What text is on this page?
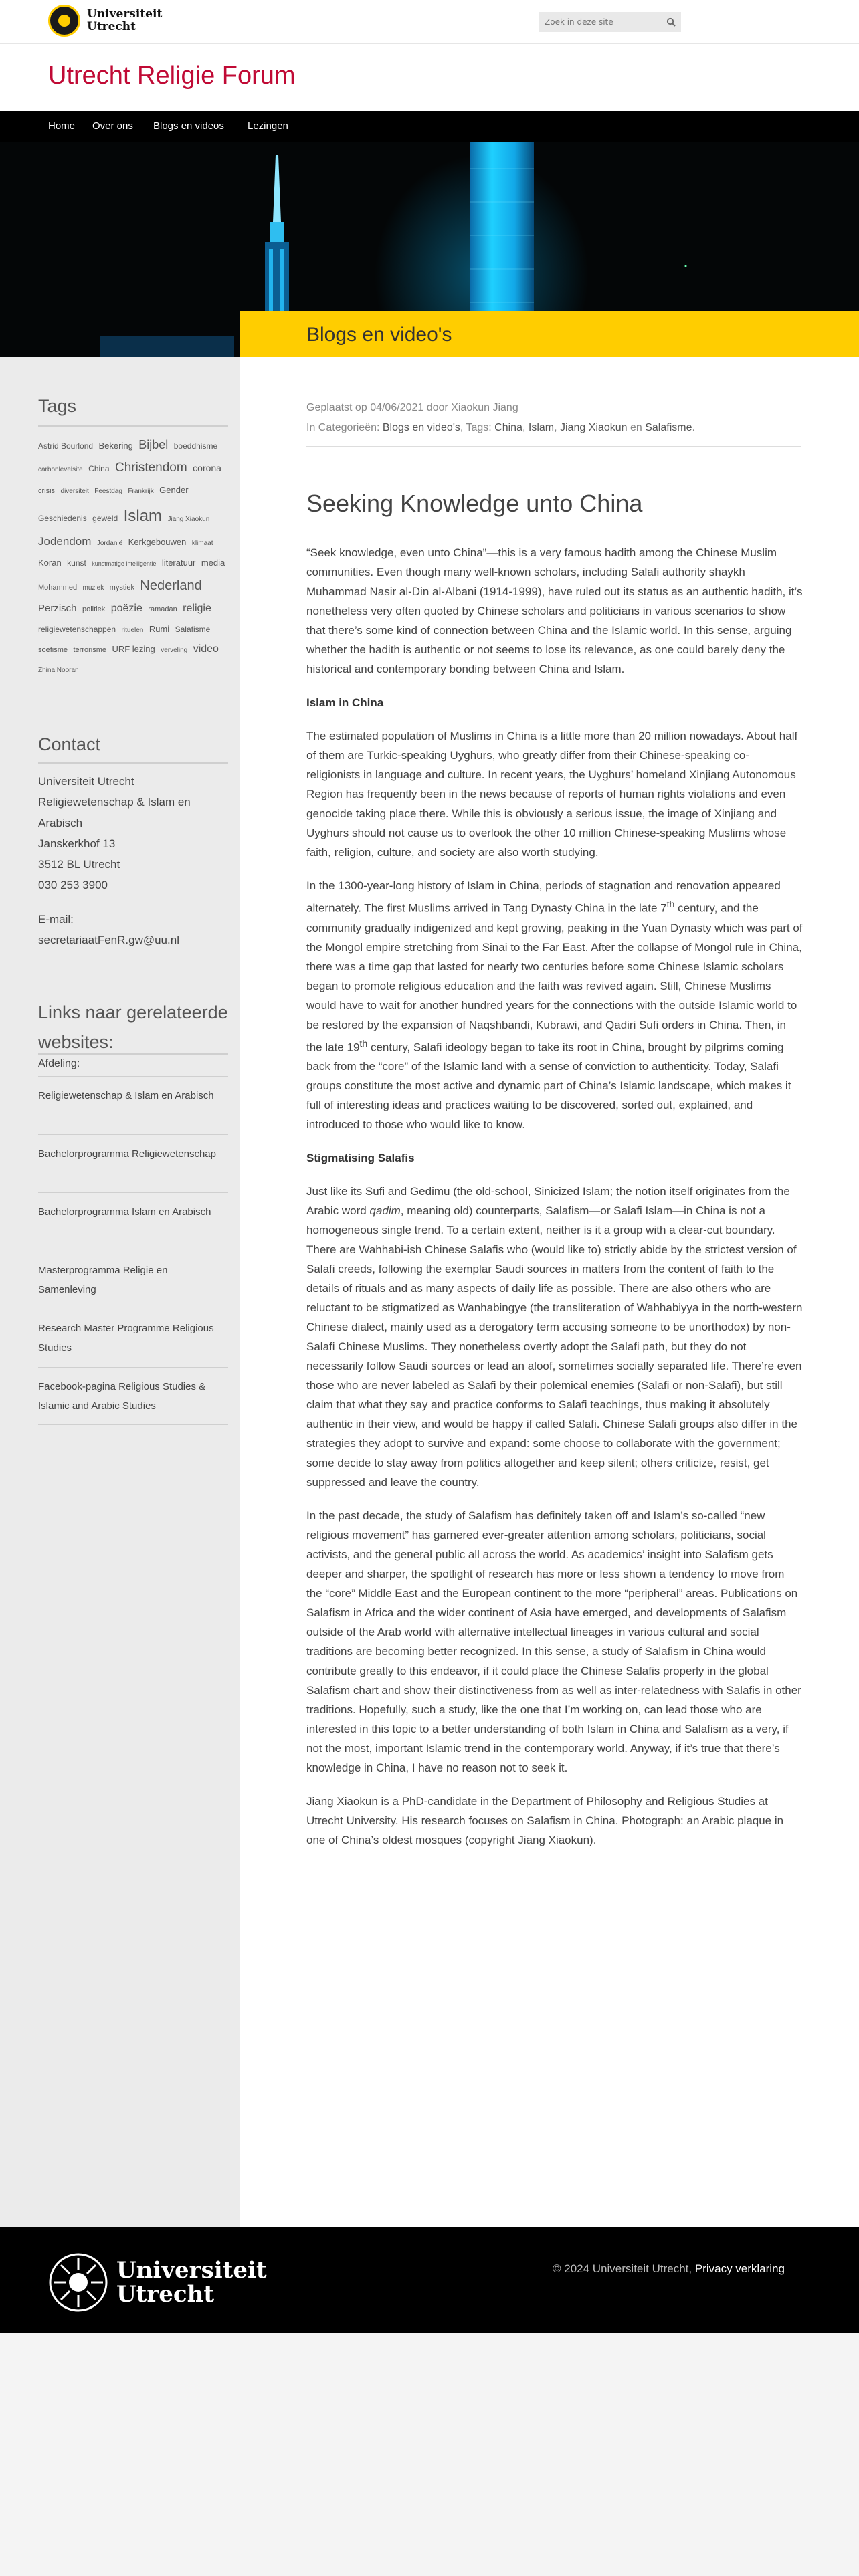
Universiteit
Utrecht
Zoek in deze site
Utrecht Religie Forum
Home Over ons Blogs en videos Lezingen
Blogs en video's
Tags
Astrid Bourlond Bekering Bijbel boeddhisme carbonlevelsite China Christendom corona crisis diversiteit Feestdag Frankrijk Gender Geschiedenis geweld Islam Jiang Xiaokun Jodendom Jordanië Kerkgebouwen klimaat Koran kunst kunstmatige intelligentie literatuur media Mohammed muziek mystiek Nederland Perzisch politiek poëzie ramadan religie religiewetenschappen rituelen Rumi Salafisme soefisme terrorisme URF lezing verveling video Zhina Nooran
Contact
Universiteit Utrecht
Religiewetenschap & Islam en
Arabisch
Janskerkhof 13
3512 BL Utrecht
030 253 3900
E-mail:
secretariaatFenR.gw@uu.nl
Links naar gerelateerde websites:
Afdeling:
Religiewetenschap & Islam en Arabisch
Bachelorprogramma Religiewetenschap
Bachelorprogramma Islam en Arabisch
Masterprogramma Religie en Samenleving
Research Master Programme Religious Studies
Facebook-pagina Religious Studies & Islamic and Arabic Studies
Geplaatst op 04/06/2021 door Xiaokun Jiang
In Categorieën: Blogs en video's, Tags: China, Islam, Jiang Xiaokun en Salafisme.
Seeking Knowledge unto China

“Seek knowledge, even unto China”—this is a very famous hadith among the Chinese Muslim communities. Even though many well-known scholars, including Salafi authority shaykh Muhammad Nasir al-Din al-Albani (1914-1999), have ruled out its status as an authentic hadith, it’s nonetheless very often quoted by Chinese scholars and politicians in various scenarios to show that there’s some kind of connection between China and the Islamic world. In this sense, arguing whether the hadith is authentic or not seems to lose its relevance, as one could barely deny the historical and contemporary bonding between China and Islam.

Islam in China

The estimated population of Muslims in China is a little more than 20 million nowadays. About half of them are Turkic-speaking Uyghurs, who greatly differ from their Chinese-speaking co-religionists in language and culture. In recent years, the Uyghurs’ homeland Xinjiang Autonomous Region has frequently been in the news because of reports of human rights violations and even genocide taking place there. While this is obviously a serious issue, the image of Xinjiang and Uyghurs should not cause us to overlook the other 10 million Chinese-speaking Muslims whose faith, religion, culture, and society are also worth studying.

In the 1300-year-long history of Islam in China, periods of stagnation and renovation appeared alternately. The first Muslims arrived in Tang Dynasty China in the late 7th century, and the community gradually indigenized and kept growing, peaking in the Yuan Dynasty which was part of the Mongol empire stretching from Sinai to the Far East. After the collapse of Mongol rule in China, there was a time gap that lasted for nearly two centuries before some Chinese Islamic scholars began to promote religious education and the faith was revived again. Still, Chinese Muslims would have to wait for another hundred years for the connections with the outside Islamic world to be restored by the expansion of Naqshbandi, Kubrawi, and Qadiri Sufi orders in China. Then, in the late 19th century, Salafi ideology began to take its root in China, brought by pilgrims coming back from the “core” of the Islamic land with a sense of conviction to authenticity. Today, Salafi groups constitute the most active and dynamic part of China’s Islamic landscape, which makes it full of interesting ideas and practices waiting to be discovered, sorted out, explained, and introduced to those who would like to know.

Stigmatising Salafis

Just like its Sufi and Gedimu (the old-school, Sinicized Islam; the notion itself originates from the Arabic word qadim, meaning old) counterparts, Salafism—or Salafi Islam—in China is not a homogeneous single trend. To a certain extent, neither is it a group with a clear-cut boundary. There are Wahhabi-ish Chinese Salafis who (would like to) strictly abide by the strictest version of Salafi creeds, following the exemplar Saudi sources in matters from the content of faith to the details of rituals and as many aspects of daily life as possible. There are also others who are reluctant to be stigmatized as Wanhabingye (the transliteration of Wahhabiyya in the north-western Chinese dialect, mainly used as a derogatory term accusing someone to be unorthodox) by non-Salafi Chinese Muslims. They nonetheless overtly adopt the Salafi path, but they do not necessarily follow Saudi sources or lead an aloof, sometimes socially separated life. There’re even those who are never labeled as Salafi by their polemical enemies (Salafi or non-Salafi), but still claim that what they say and practice conforms to Salafi teachings, thus making it absolutely authentic in their view, and would be happy if called Salafi. Chinese Salafi groups also differ in the strategies they adopt to survive and expand: some choose to collaborate with the government; some decide to stay away from politics altogether and keep silent; others criticize, resist, get suppressed and leave the country.

In the past decade, the study of Salafism has definitely taken off and Islam’s so-called “new religious movement” has garnered ever-greater attention among scholars, politicians, social activists, and the general public all across the world. As academics’ insight into Salafism gets deeper and sharper, the spotlight of research has more or less shown a tendency to move from the “core” Middle East and the European continent to the more “peripheral” areas. Publications on Salafism in Africa and the wider continent of Asia have emerged, and developments of Salafism outside of the Arab world with alternative intellectual lineages in various cultural and social traditions are becoming better recognized. In this sense, a study of Salafism in China would contribute greatly to this endeavor, if it could place the Chinese Salafis properly in the global Salafism chart and show their distinctiveness from as well as inter-relatedness with Salafis in other traditions. Hopefully, such a study, like the one that I’m working on, can lead those who are interested in this topic to a better understanding of both Islam in China and Salafism as a very, if not the most, important Islamic trend in the contemporary world. Anyway, if it’s true that there’s knowledge in China, I have no reason not to seek it.

Jiang Xiaokun is a PhD-candidate in the Department of Philosophy and Religious Studies at Utrecht University. His research focuses on Salafism in China. Photograph: an Arabic plaque in one of China’s oldest mosques (copyright Jiang Xiaokun).

Universiteit
Utrecht
© 2024 Universiteit Utrecht, Privacy verklaring
